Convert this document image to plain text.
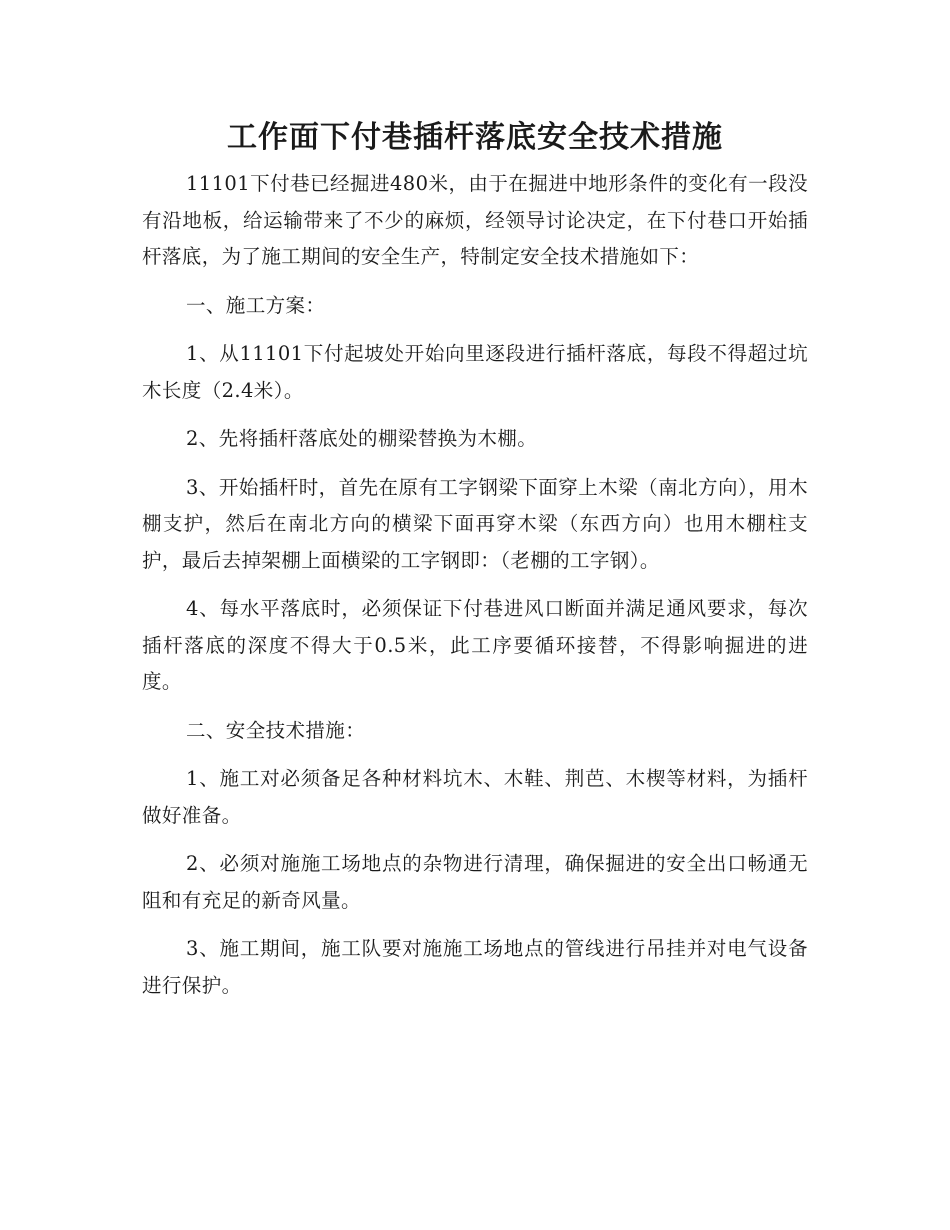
工作面下付巷插杆落底安全技术措施

11101下付巷已经掘进480米，由于在掘进中地形条件的变化有一段没有沿地板，给运输带来了不少的麻烦，经领导讨论决定，在下付巷口开始插杆落底，为了施工期间的安全生产，特制定安全技术措施如下：

一、施工方案：

1、从11101下付起坡处开始向里逐段进行插杆落底，每段不得超过坑木长度（2.4米）。

2、先将插杆落底处的棚梁替换为木棚。

3、开始插杆时，首先在原有工字钢梁下面穿上木梁（南北方向），用木棚支护，然后在南北方向的横梁下面再穿木梁（东西方向）也用木棚柱支护，最后去掉架棚上面横梁的工字钢即：（老棚的工字钢）。

4、每水平落底时，必须保证下付巷进风口断面并满足通风要求，每次插杆落底的深度不得大于0.5米，此工序要循环接替，不得影响掘进的进度。

二、安全技术措施：

1、施工对必须备足各种材料坑木、木鞋、荆芭、木楔等材料，为插杆做好准备。

2、必须对施施工场地点的杂物进行清理，确保掘进的安全出口畅通无阻和有充足的新奇风量。

3、施工期间，施工队要对施施工场地点的管线进行吊挂并对电气设备进行保护。
